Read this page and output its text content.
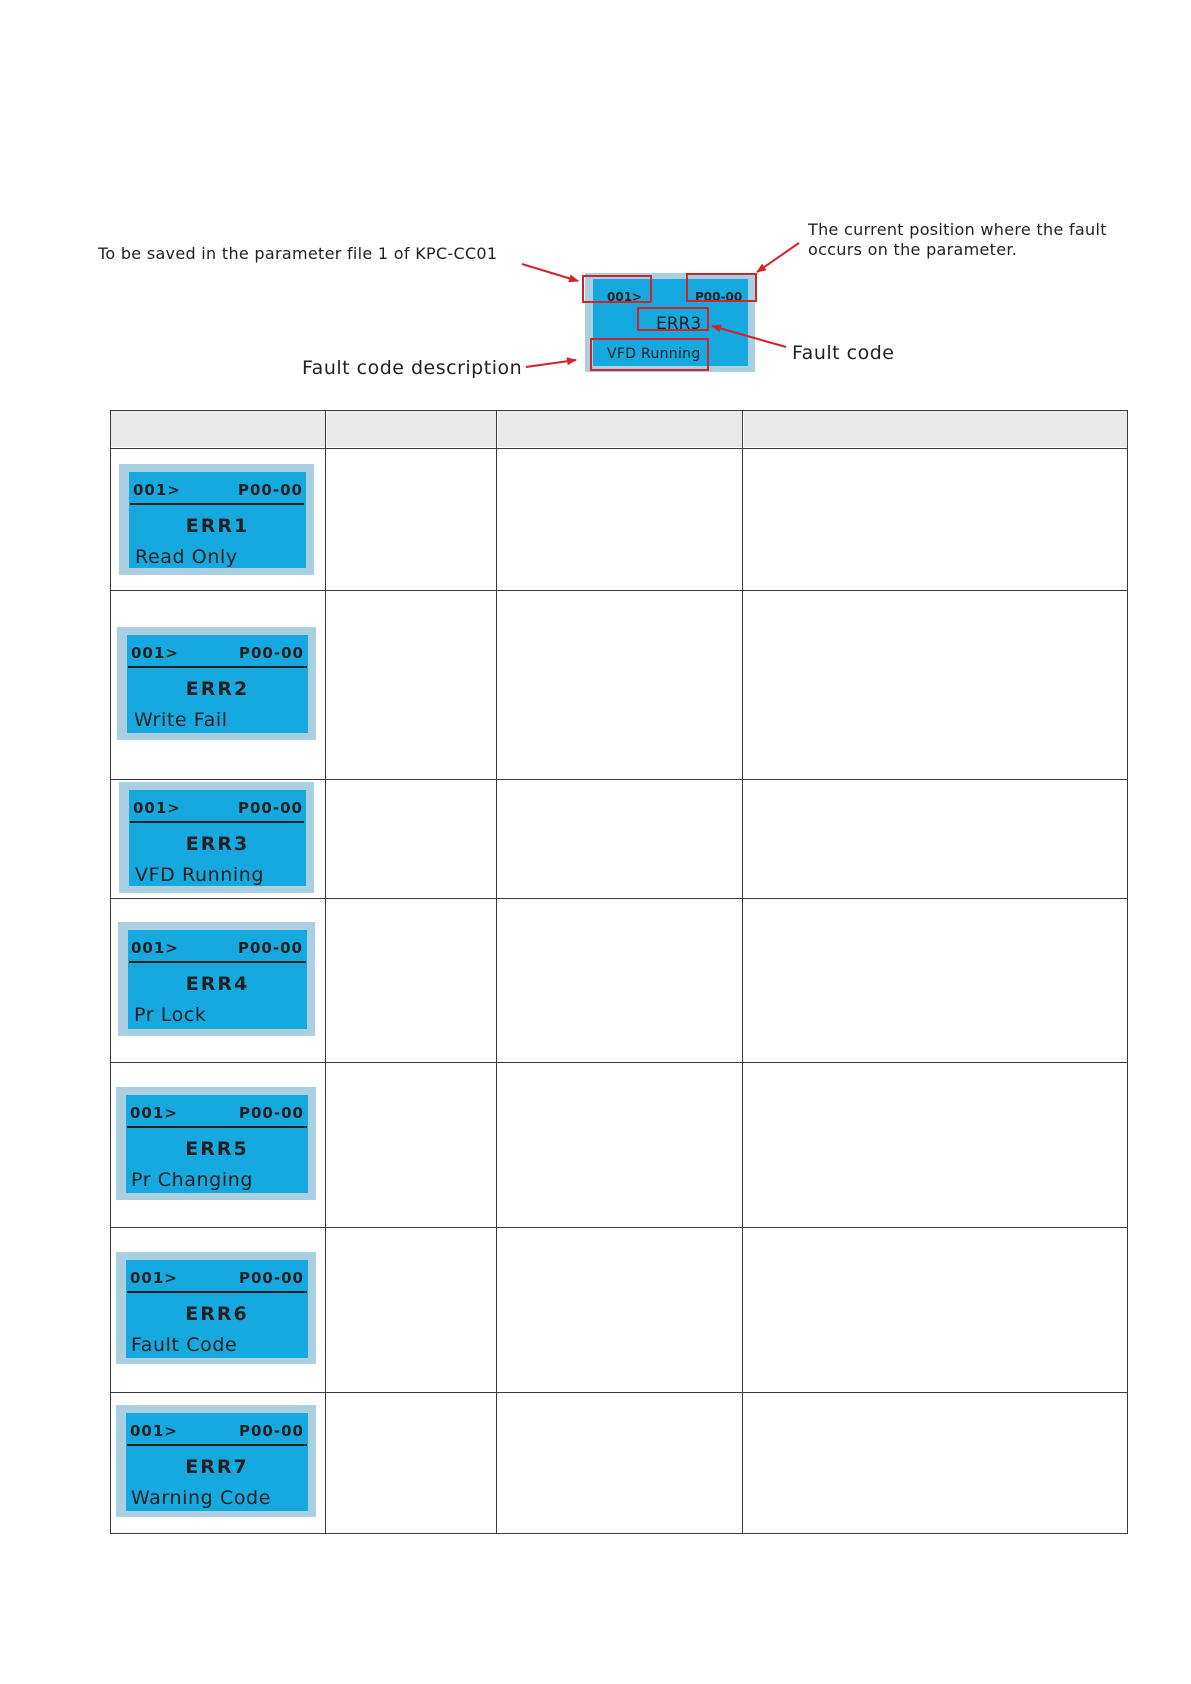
To be saved in the parameter file 1 of KPC-CC01
The current position where the fault
occurs on the parameter.
Fault code description
Fault code
001>	P00-00
ERR3
VFD Running
001>	P00-00
ERR1
Read Only
001>	P00-00
ERR2
Write Fail
001>	P00-00
ERR3
VFD Running
001>	P00-00
ERR4
Pr Lock
001>	P00-00
ERR5
Pr Changing
001>	P00-00
ERR6
Fault Code
001>	P00-00
ERR7
Warning Code
